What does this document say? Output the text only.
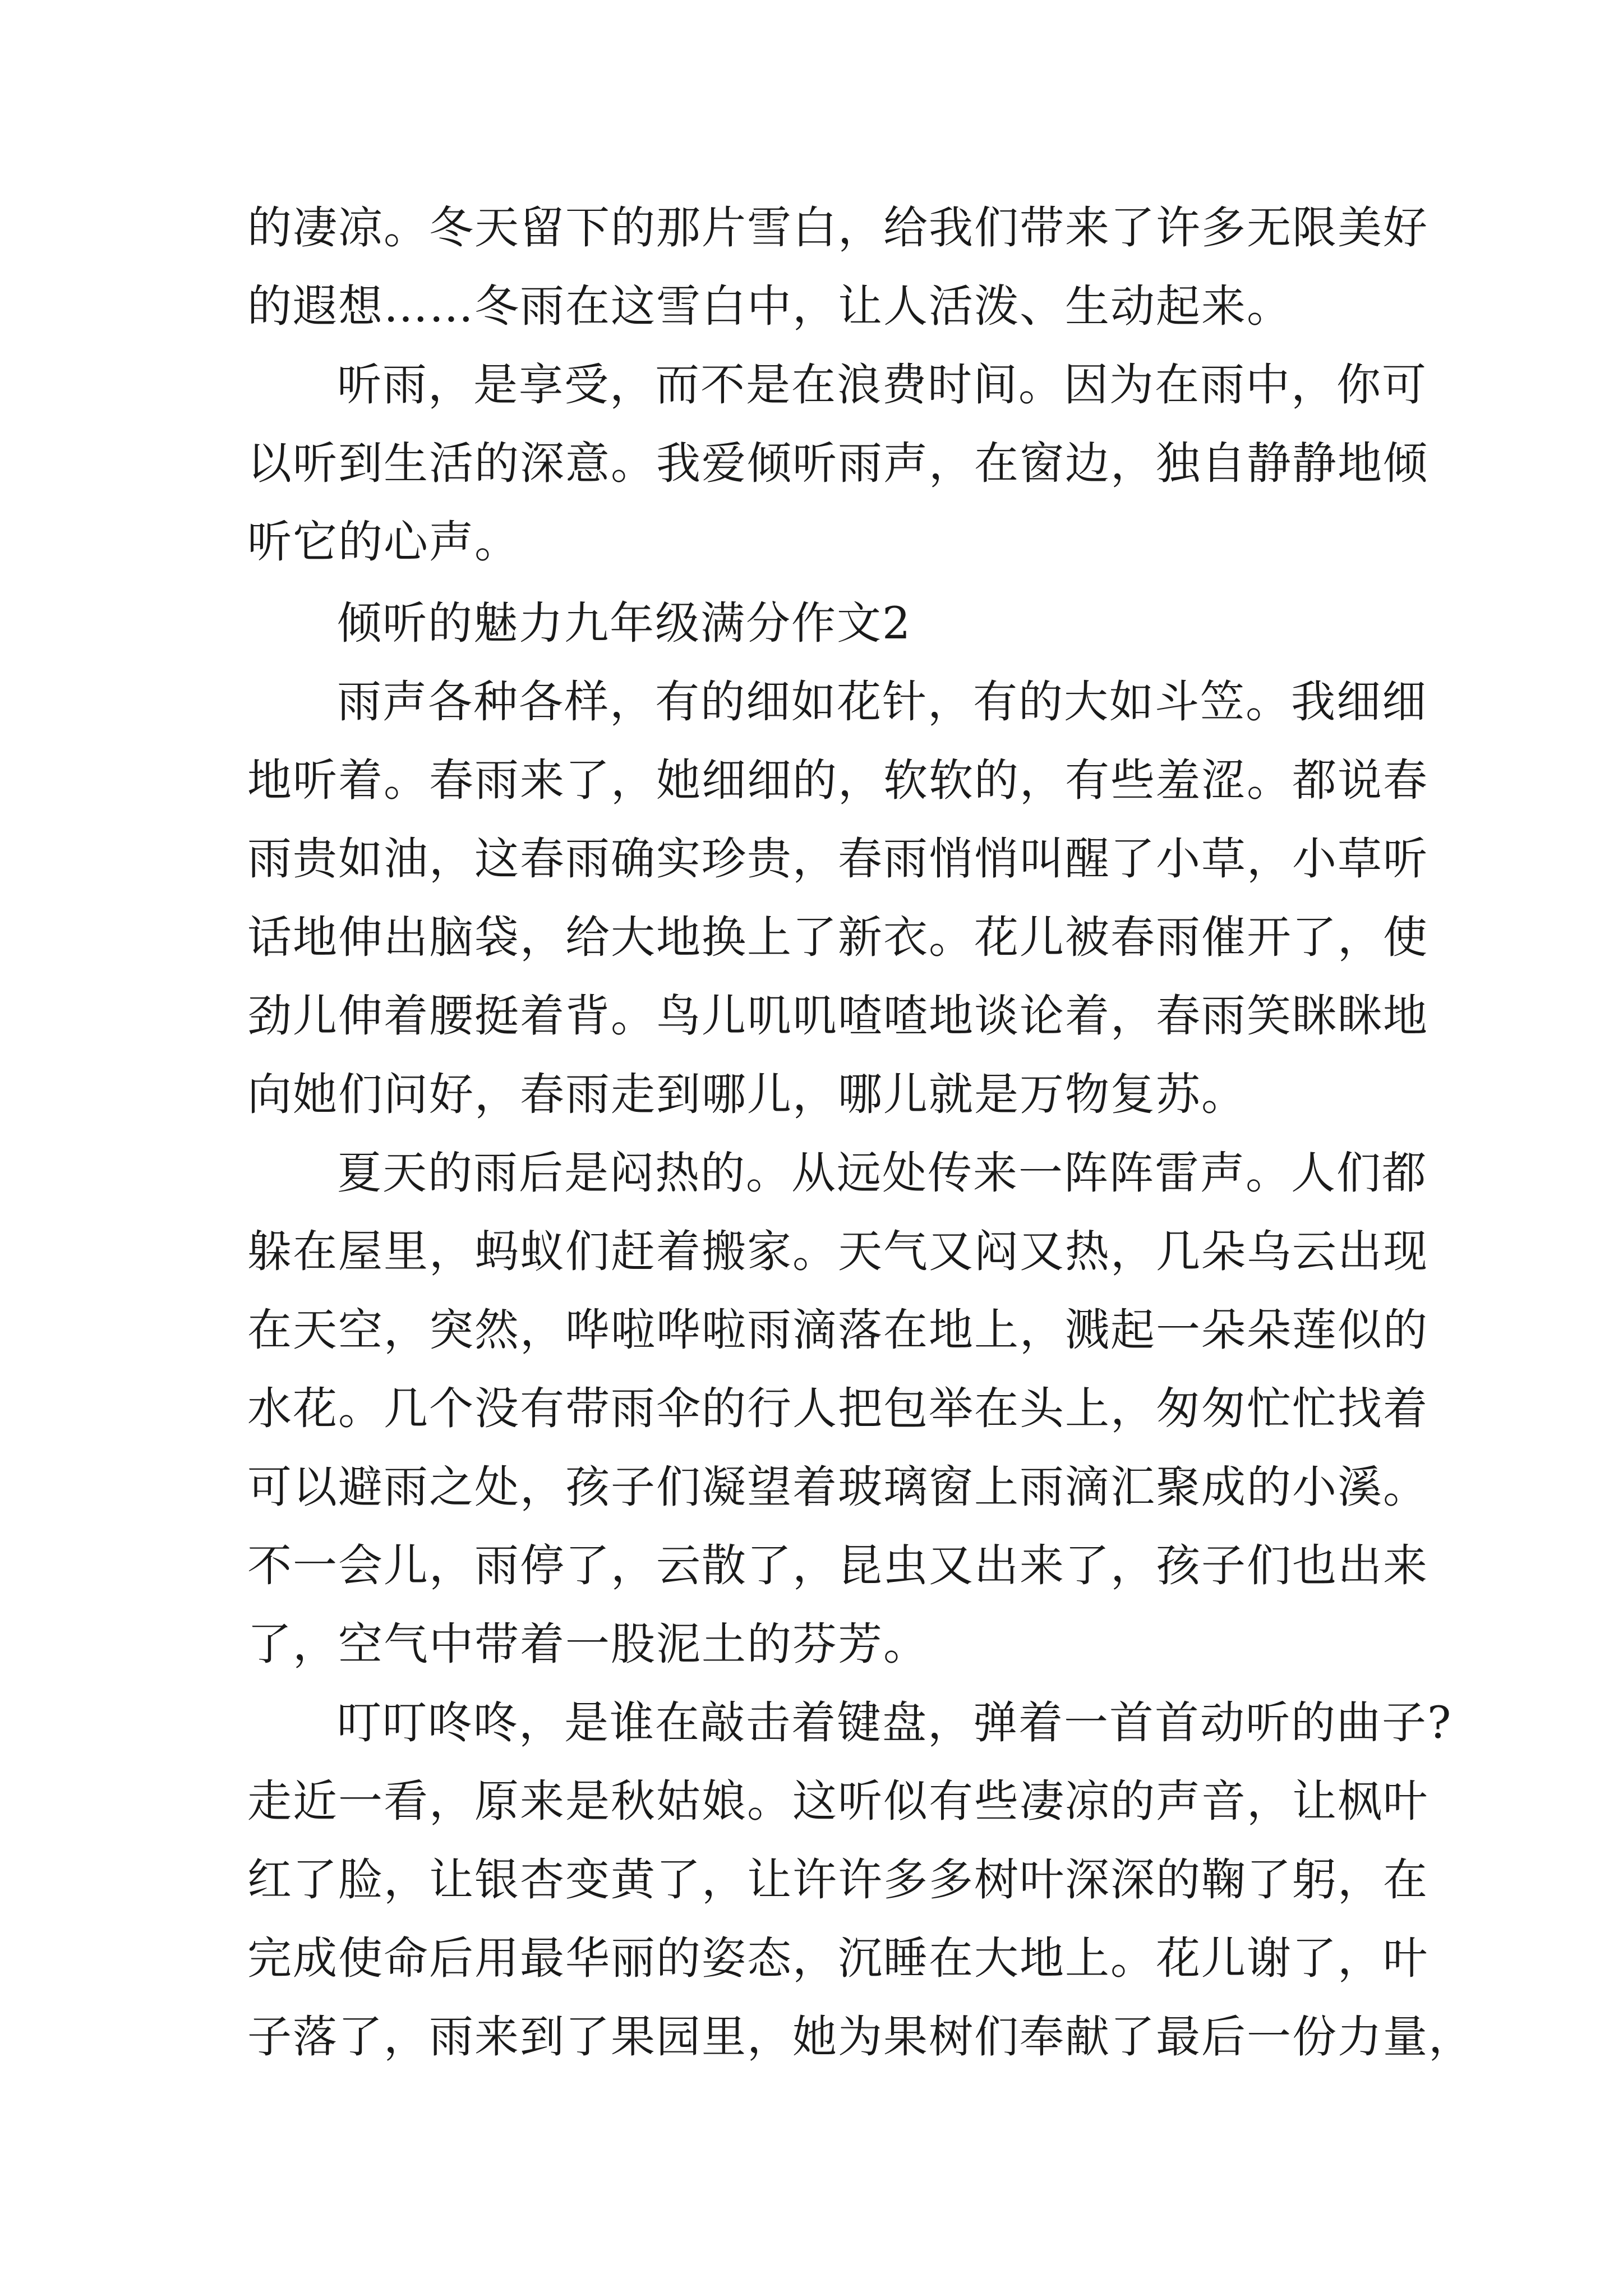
的凄凉。冬天留下的那片雪白，给我们带来了许多无限美好
的遐想……冬雨在这雪白中，让人活泼、生动起来。
听雨，是享受，而不是在浪费时间。因为在雨中，你可
以听到生活的深意。我爱倾听雨声，在窗边，独自静静地倾
听它的心声。
倾听的魅力九年级满分作文2
雨声各种各样，有的细如花针，有的大如斗笠。我细细
地听着。春雨来了，她细细的，软软的，有些羞涩。都说春
雨贵如油，这春雨确实珍贵，春雨悄悄叫醒了小草，小草听
话地伸出脑袋，给大地换上了新衣。花儿被春雨催开了，使
劲儿伸着腰挺着背。鸟儿叽叽喳喳地谈论着，春雨笑眯眯地
向她们问好，春雨走到哪儿，哪儿就是万物复苏。
夏天的雨后是闷热的。从远处传来一阵阵雷声。人们都
躲在屋里，蚂蚁们赶着搬家。天气又闷又热，几朵乌云出现
在天空，突然，哗啦哗啦雨滴落在地上，溅起一朵朵莲似的
水花。几个没有带雨伞的行人把包举在头上，匆匆忙忙找着
可以避雨之处，孩子们凝望着玻璃窗上雨滴汇聚成的小溪。
不一会儿，雨停了，云散了，昆虫又出来了，孩子们也出来
了，空气中带着一股泥土的芬芳。
叮叮咚咚，是谁在敲击着键盘，弹着一首首动听的曲子?
走近一看，原来是秋姑娘。这听似有些凄凉的声音，让枫叶
红了脸，让银杏变黄了，让许许多多树叶深深的鞠了躬，在
完成使命后用最华丽的姿态，沉睡在大地上。花儿谢了，叶
子落了，雨来到了果园里，她为果树们奉献了最后一份力量，
